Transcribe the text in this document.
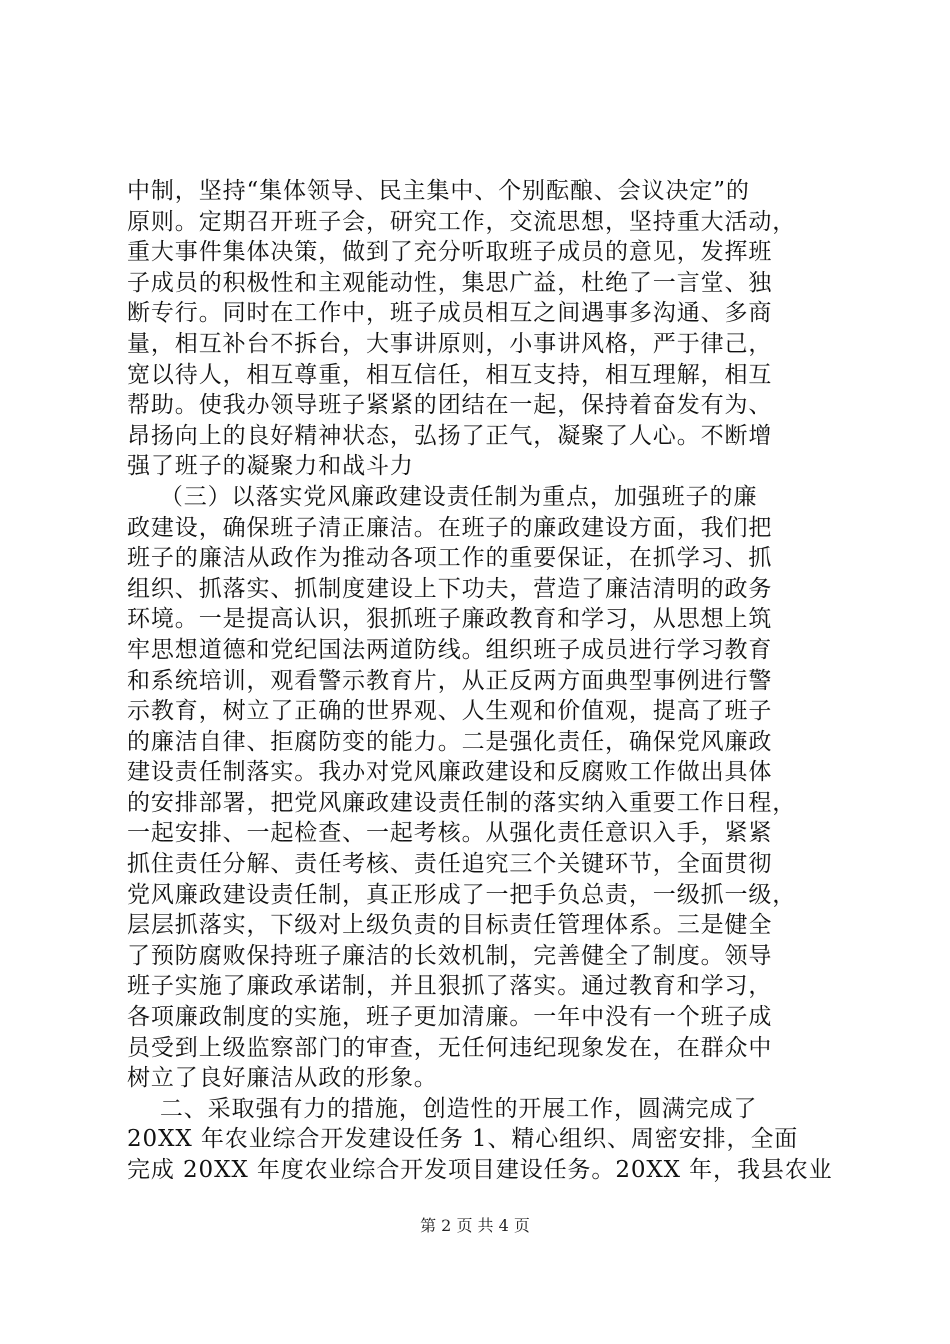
中制，坚持“集体领导、民主集中、个别酝酿、会议决定”的
原则。定期召开班子会，研究工作，交流思想，坚持重大活动，
重大事件集体决策，做到了充分听取班子成员的意见，发挥班
子成员的积极性和主观能动性，集思广益，杜绝了一言堂、独
断专行。同时在工作中，班子成员相互之间遇事多沟通、多商
量，相互补台不拆台，大事讲原则，小事讲风格，严于律己，
宽以待人，相互尊重，相互信任，相互支持，相互理解，相互
帮助。使我办领导班子紧紧的团结在一起，保持着奋发有为、
昂扬向上的良好精神状态，弘扬了正气，凝聚了人心。不断增
强了班子的凝聚力和战斗力
（三）以落实党风廉政建设责任制为重点，加强班子的廉
政建设，确保班子清正廉洁。在班子的廉政建设方面，我们把
班子的廉洁从政作为推动各项工作的重要保证，在抓学习、抓
组织、抓落实、抓制度建设上下功夫，营造了廉洁清明的政务
环境。一是提高认识，狠抓班子廉政教育和学习，从思想上筑
牢思想道德和党纪国法两道防线。组织班子成员进行学习教育
和系统培训，观看警示教育片，从正反两方面典型事例进行警
示教育，树立了正确的世界观、人生观和价值观，提高了班子
的廉洁自律、拒腐防变的能力。二是强化责任，确保党风廉政
建设责任制落实。我办对党风廉政建设和反腐败工作做出具体
的安排部署，把党风廉政建设责任制的落实纳入重要工作日程，
一起安排、一起检查、一起考核。从强化责任意识入手，紧紧
抓住责任分解、责任考核、责任追究三个关键环节，全面贯彻
党风廉政建设责任制，真正形成了一把手负总责，一级抓一级，
层层抓落实，下级对上级负责的目标责任管理体系。三是健全
了预防腐败保持班子廉洁的长效机制，完善健全了制度。领导
班子实施了廉政承诺制，并且狠抓了落实。通过教育和学习，
各项廉政制度的实施，班子更加清廉。一年中没有一个班子成
员受到上级监察部门的审查，无任何违纪现象发在，在群众中
树立了良好廉洁从政的形象。
二、采取强有力的措施，创造性的开展工作，圆满完成了
20XX 年农业综合开发建设任务 1、精心组织、周密安排，全面
完成 20XX 年度农业综合开发项目建设任务。20XX 年，我县农业
第 2 页 共 4 页
